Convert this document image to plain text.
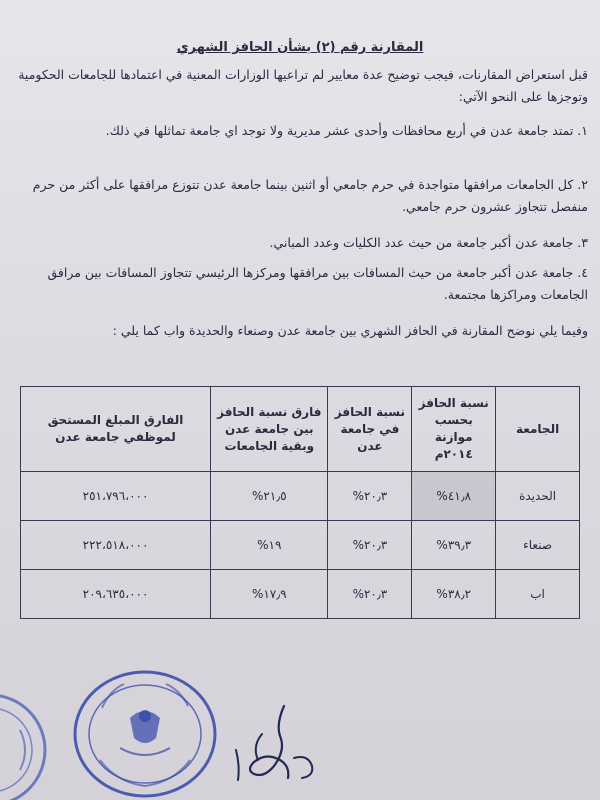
المقارنة رقم (٢) بشأن الحافز الشهري
قبل استعراض المقارنات، فيجب توضيح عدة معايير لم تراعيها الوزارات المعنية في اعتمادها للجامعات الحكومية وتوجزها على النحو الآتي:
١. تمتد جامعة عدن في أربع محافظات وأحدى عشر مديرية ولا توجد اي جامعة تماثلها في ذلك.
٢. كل الجامعات مرافقها متواجدة في حرم جامعي أو اثنين بينما جامعة عدن تتوزع مرافقها على أكثر من حرم منفصل تتجاوز عشرون حرم جامعي.
٣. جامعة عدن أكبر جامعة من حيث عدد الكليات وعدد المباني.
٤. جامعة عدن أكبر جامعة من حيث المسافات بين مرافقها ومركزها الرئيسي تتجاوز المسافات بين مرافق الجامعات ومراكزها مجتمعة.
وفيما يلي نوضح المقارنة في الحافز الشهري بين جامعة عدن وصنعاء والحديدة واب كما يلي :
الجامعة	نسبة الحافز بحسب موازنة ٢٠١٤م	نسبة الحافز في جامعة عدن	فارق نسبة الحافز بين جامعة عدن وبقية الجامعات	الفارق المبلغ المستحق لموظفي جامعة عدن
الحديدة	٤١٫٨%	٢٠٫٣%	٢١٫٥%	٢٥١،٧٩٦،٠٠٠
صنعاء	٣٩٫٣%	٢٠٫٣%	١٩%	٢٢٢،٥١٨،٠٠٠
اب	٣٨٫٢%	٢٠٫٣%	١٧٫٩%	٢٠٩،٦٣٥،٠٠٠
